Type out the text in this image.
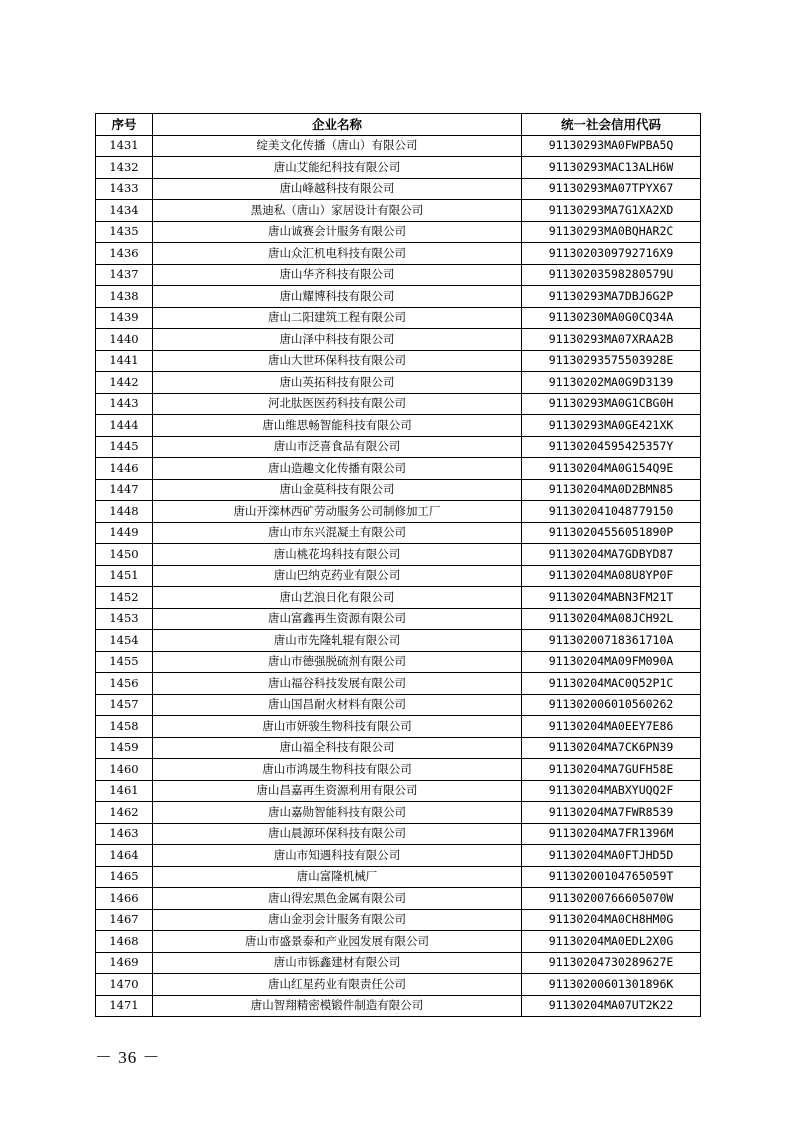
序号	企业名称	统一社会信用代码
1431	绽美文化传播（唐山）有限公司	91130293MA0FWPBA5Q
1432	唐山艾能纪科技有限公司	91130293MAC13ALH6W
1433	唐山峰越科技有限公司	91130293MA07TPYX67
1434	黑迪私（唐山）家居设计有限公司	91130293MA7G1XA2XD
1435	唐山诚赛会计服务有限公司	91130293MA0BQHAR2C
1436	唐山众汇机电科技有限公司	9113020309792716X9
1437	唐山华齐科技有限公司	91130203598280579U
1438	唐山耀博科技有限公司	91130293MA7DBJ6G2P
1439	唐山二阳建筑工程有限公司	91130230MA0G0CQ34A
1440	唐山泽中科技有限公司	91130293MA07XRAA2B
1441	唐山大世环保科技有限公司	91130293575503928E
1442	唐山英拓科技有限公司	91130202MA0G9D3139
1443	河北肽医医药科技有限公司	91130293MA0G1CBG0H
1444	唐山维思畅智能科技有限公司	91130293MA0GE421XK
1445	唐山市泛喜食品有限公司	91130204595425357Y
1446	唐山造趣文化传播有限公司	91130204MA0G154Q9E
1447	唐山金莫科技有限公司	91130204MA0D2BMN85
1448	唐山开滦林西矿劳动服务公司制修加工厂	911302041048779150
1449	唐山市东兴混凝土有限公司	91130204556051890P
1450	唐山桃花坞科技有限公司	91130204MA7GDBYD87
1451	唐山巴纳克药业有限公司	91130204MA08U8YP0F
1452	唐山艺浪日化有限公司	91130204MABN3FM21T
1453	唐山富鑫再生资源有限公司	91130204MA08JCH92L
1454	唐山市先隆轧辊有限公司	91130200718361710A
1455	唐山市德强脱硫剂有限公司	91130204MA09FM090A
1456	唐山福谷科技发展有限公司	91130204MAC0Q52P1C
1457	唐山国昌耐火材料有限公司	911302006010560262
1458	唐山市妍骏生物科技有限公司	91130204MA0EEY7E86
1459	唐山福全科技有限公司	91130204MA7CK6PN39
1460	唐山市鸿晟生物科技有限公司	91130204MA7GUFH58E
1461	唐山昌嘉再生资源利用有限公司	91130204MABXYUQQ2F
1462	唐山嘉勋智能科技有限公司	91130204MA7FWR8539
1463	唐山晨源环保科技有限公司	91130204MA7FR1396M
1464	唐山市知遇科技有限公司	91130204MA0FTJHD5D
1465	唐山富隆机械厂	91130200104765059T
1466	唐山得宏黑色金属有限公司	91130200766605070W
1467	唐山金羽会计服务有限公司	91130204MA0CH8HM0G
1468	唐山市盛景泰和产业园发展有限公司	91130204MA0EDL2X0G
1469	唐山市铄鑫建材有限公司	91130204730289627E
1470	唐山红星药业有限责任公司	91130200601301896K
1471	唐山智翔精密模锻件制造有限公司	91130204MA07UT2K22
－ 36 －
